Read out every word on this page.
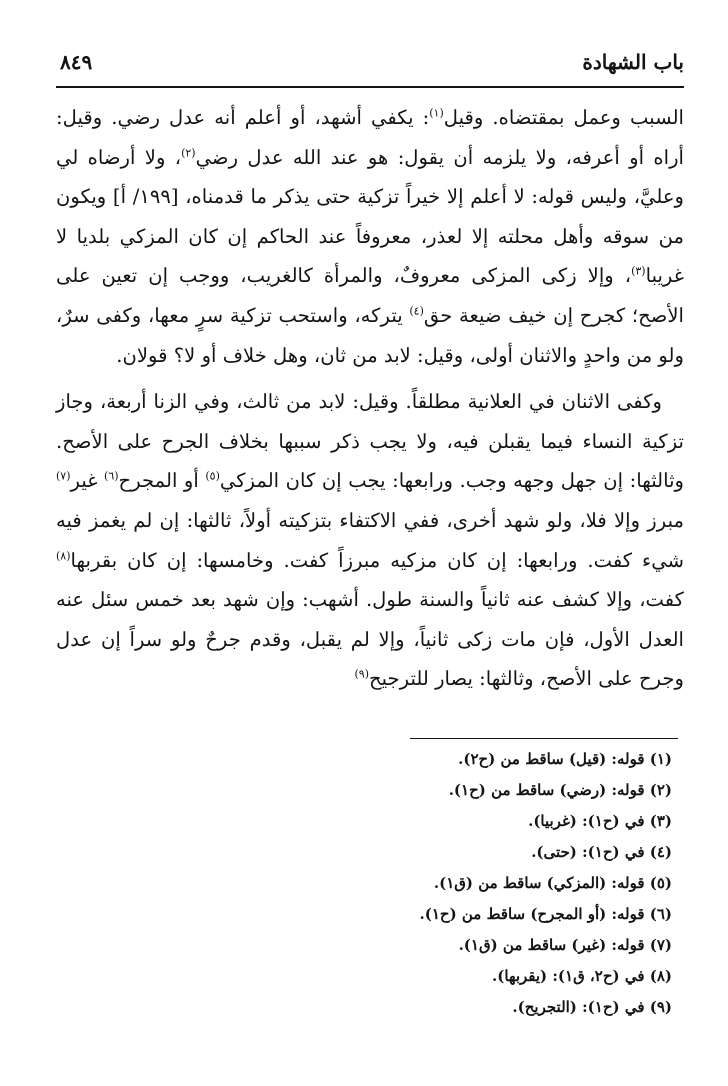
باب الشهادة
٨٤٩

السبب وعمل بمقتضاه. وقيل$^{(١)}$: يكفي أشهد، أو أعلم أنه عدل رضي. وقيل: أراه أو أعرفه، ولا يلزمه أن يقول: هو عند الله عدل رضي$^{(٢)}$، ولا أرضاه لي وعليَّ، وليس قوله: لا أعلم إلا خيراً تزكية حتى يذكر ما قدمناه، [١٩٩/ أ] ويكون من سوقه وأهل محلته إلا لعذر، معروفاً عند الحاكم إن كان المزكي بلديا لا غريبا$^{(٣)}$، وإلا زكى المزكى معروفٌ، والمرأة كالغريب، ووجب إن تعين على الأصح؛ كجرح إن خيف ضيعة حق$^{(٤)}$ يتركه، واستحب تزكية سرٍ معها، وكفى سرٌ، ولو من واحدٍ والاثنان أولى، وقيل: لابد من ثان، وهل خلاف أو لا؟ قولان.

وكفى الاثنان في العلانية مطلقاً. وقيل: لابد من ثالث، وفي الزنا أربعة، وجاز تزكية النساء فيما يقبلن فيه، ولا يجب ذكر سببها بخلاف الجرح على الأصح. وثالثها: إن جهل وجهه وجب. ورابعها: يجب إن كان المزكي$^{(٥)}$ أو المجرح$^{(٦)}$ غير$^{(٧)}$ مبرز وإلا فلا، ولو شهد أخرى، ففي الاكتفاء بتزكيته أولاً، ثالثها: إن لم يغمز فيه شيء كفت. ورابعها: إن كان مزكيه مبرزاً كفت. وخامسها: إن كان بقربها$^{(٨)}$ كفت، وإلا كشف عنه ثانياً والسنة طول. أشهب: وإن شهد بعد خمس سئل عنه العدل الأول، فإن مات زكى ثانياً، وإلا لم يقبل، وقدم جرحٌ ولو سراً إن عدل وجرح على الأصح، وثالثها: يصار للترجيح$^{(٩)}$

(١) قوله: (قيل) ساقط من (ح٢).
(٢) قوله: (رضي) ساقط من (ح١).
(٣) في (ح١): (غربيا).
(٤) في (ح١): (حتى).
(٥) قوله: (المزكي) ساقط من (ق١).
(٦) قوله: (أو المجرح) ساقط من (ح١).
(٧) قوله: (غير) ساقط من (ق١).
(٨) في (ح٢، ق١): (يقربها).
(٩) في (ح١): (التجريح).
